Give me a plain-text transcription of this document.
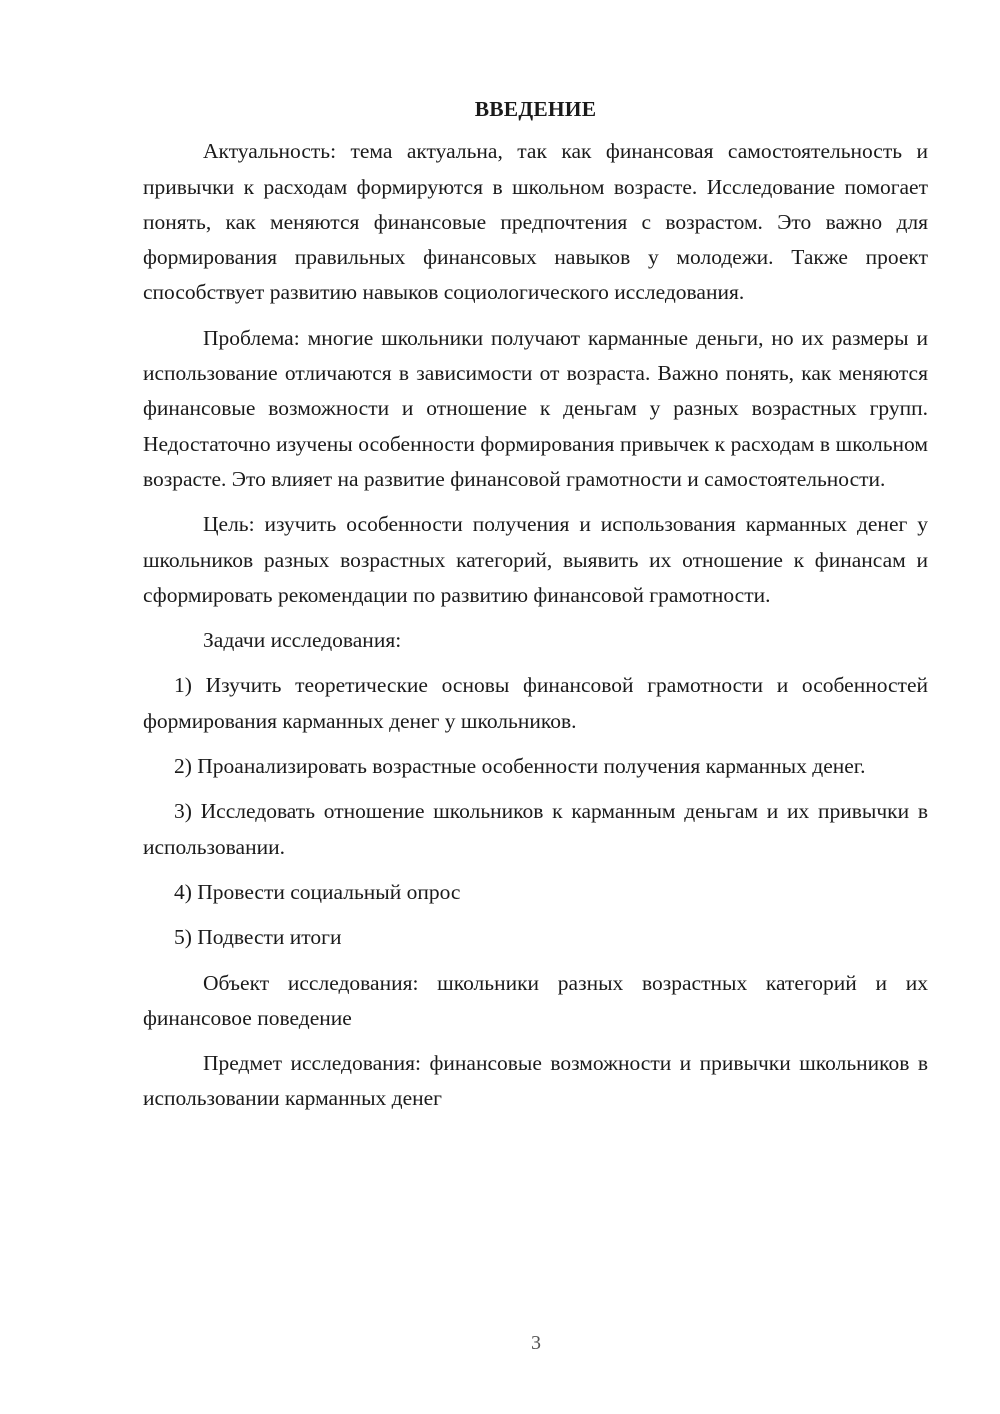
ВВЕДЕНИЕ

Актуальность: тема актуальна, так как финансовая самостоятельность и привычки к расходам формируются в школьном возрасте. Исследование помогает понять, как меняются финансовые предпочтения с возрастом. Это важно для формирования правильных финансовых навыков у молодежи. Также проект способствует развитию навыков социологического исследования.

Проблема: многие школьники получают карманные деньги, но их размеры и использование отличаются в зависимости от возраста. Важно понять, как меняются финансовые возможности и отношение к деньгам у разных возрастных групп. Недостаточно изучены особенности формирования привычек к расходам в школьном возрасте. Это влияет на развитие финансовой грамотности и самостоятельности.

Цель: изучить особенности получения и использования карманных денег у школьников разных возрастных категорий, выявить их отношение к финансам и сформировать рекомендации по развитию финансовой грамотности.

Задачи исследования:

1) Изучить теоретические основы финансовой грамотности и особенностей формирования карманных денег у школьников.

2) Проанализировать возрастные особенности получения карманных денег.

3) Исследовать отношение школьников к карманным деньгам и их привычки в использовании.

4) Провести социальный опрос

5) Подвести итоги

Объект исследования: школьники разных возрастных категорий и их финансовое поведение

Предмет исследования: финансовые возможности и привычки школьников в использовании карманных денег

3
